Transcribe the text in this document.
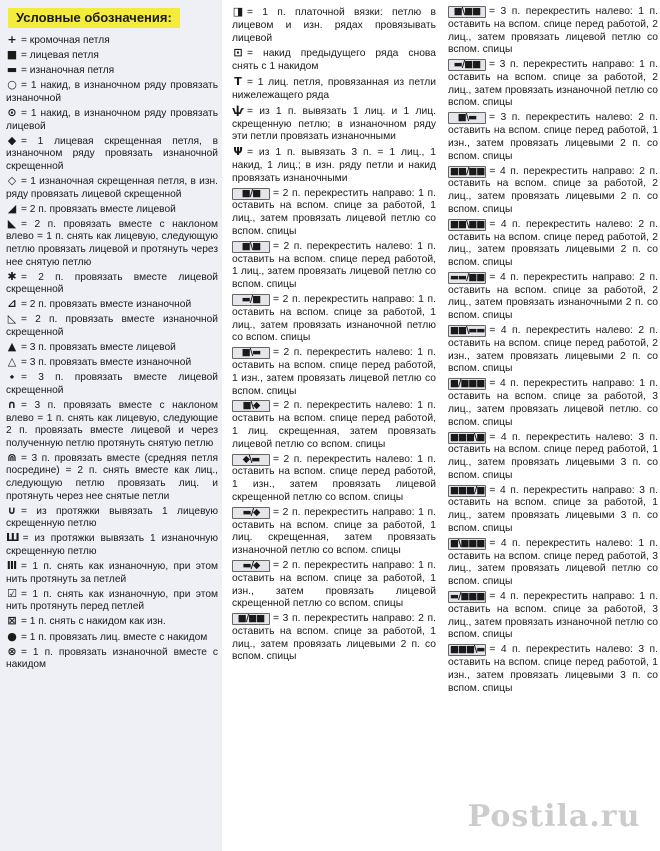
Условные обозначения:
+ = кромочная петля
■ = лицевая петля
▬ = изнаночная петля
○ = 1 накид, в изнаночном ряду провязать изнаночной
⊙ = 1 накид, в изнаночном ряду провязать лицевой
◆ = 1 лицевая скрещенная петля, в изнаночном ряду провязать изнаночной скрещенной
◇ = 1 изнаночная скрещенная петля, в изн. ряду провязать лицевой скрещенной
◢ = 2 п. провязать вместе лицевой
◣ = 2 п. провязать вместе с наклоном влево = 1 п. снять как лицевую, следующую петлю провязать лицевой и протянуть через нее снятую петлю
✱ = 2 п. провязать вместе лицевой скрещенной
⊿ = 2 п. провязать вместе изнаночной
◺ = 2 п. провязать вместе изнаночной скрещенной
▲ = 3 п. провязать вместе лицевой
△ = 3 п. провязать вместе изнаночной
⬩ = 3 п. провязать вместе лицевой скрещенной
∩ = 3 п. провязать вместе с наклоном влево = 1 п. снять как лицевую, следующие 2 п. провязать вместе лицевой и через полученную петлю протянуть снятую петлю
⋒ = 3 п. провязать вместе (средняя петля посредине) = 2 п. снять вместе как лиц., следующую петлю провязать лиц. и протянуть через нее снятые петли
∪ = из протяжки вывязать 1 лицевую скрещенную петлю
Ш = из протяжки вывязать 1 изнаночную скрещенную петлю
Ⅲ = 1 п. снять как изнаночную, при этом нить протянуть за петлей
☑ = 1 п. снять как изнаночную, при этом нить протянуть перед петлей
⊠ = 1 п. снять с накидом как изн.
● = 1 п. провязать лиц. вместе с накидом
⊗ = 1 п. провязать изнаночной вместе с накидом
◨ = 1 п. платочной вязки: петлю в лицевом и изн. рядах провязывать лицевой
⊡ = накид предыдущего ряда снова снять с 1 накидом
T = 1 лиц. петля, провязанная из петли нижележащего ряда
ѱ = из 1 п. вывязать 1 лиц. и 1 лиц. скрещенную петлю; в изнаночном ряду эти петли провязать изнаночными
Ψ = из 1 п. вывязать 3 п. = 1 лиц., 1 накид, 1 лиц.; в изн. ряду петли и накид провязать изнаночными
■/■ = 2 п. перекрестить направо: 1 п. оставить на вспом. спице за работой, 1 лиц., затем провязать лицевой петлю со вспом. спицы
■\■ = 2 п. перекрестить налево: 1 п. оставить на вспом. спице перед работой, 1 лиц., затем провязать лицевой петлю со вспом. спицы
▬/■ = 2 п. перекрестить направо: 1 п. оставить на вспом. спице за работой, 1 лиц., затем провязать изнаночной петлю со вспом. спицы
■\▬ = 2 п. перекрестить налево: 1 п. оставить на вспом. спице перед работой, 1 изн., затем провязать лицевой петлю со вспом. спицы
■\◆ = 2 п. перекрестить налево: 1 п. оставить на вспом. спице перед работой, 1 лиц. скрещенная, затем провязать лицевой петлю со вспом. спицы
◆\▬ = 2 п. перекрестить налево: 1 п. оставить на вспом. спице перед работой, 1 изн., затем провязать лицевой скрещенной петлю со вспом. спицы
▬/◆ = 2 п. перекрестить направо: 1 п. оставить на вспом. спице за работой, 1 лиц. скрещенная, затем провязать изнаночной петлю со вспом. спицы
▬/◆ = 2 п. перекрестить направо: 1 п. оставить на вспом. спице за работой, 1 изн., затем провязать лицевой скрещенной петлю со вспом. спицы
■/■■ = 3 п. перекрестить направо: 2 п. оставить на вспом. спице за работой, 1 лиц., затем провязать лицевыми 2 п. со вспом. спицы
■\■■ = 3 п. перекрестить налево: 1 п. оставить на вспом. спице перед работой, 2 лиц., затем провязать лицевой петлю со вспом. спицы
▬/■■ = 3 п. перекрестить направо: 1 п. оставить на вспом. спице за работой, 2 лиц., затем провязать изнаночной петлю со вспом. спицы
■\▬ = 3 п. перекрестить налево: 2 п. оставить на вспом. спице перед работой, 1 изн., затем провязать лицевыми 2 п. со вспом. спицы
■■/■■ = 4 п. перекрестить направо: 2 п. оставить на вспом. спице за работой, 2 лиц., затем провязать лицевыми 2 п. со вспом. спицы
■■\■■ = 4 п. перекрестить налево: 2 п. оставить на вспом. спице перед работой, 2 лиц., затем провязать лицевыми 2 п. со вспом. спицы
▬▬/■■ = 4 п. перекрестить направо: 2 п. оставить на вспом. спице за работой, 2 лиц., затем провязать изнаночными 2 п. со вспом. спицы
■■\▬▬ = 4 п. перекрестить налево: 2 п. оставить на вспом. спице перед работой, 2 изн., затем провязать лицевыми 2 п. со вспом. спицы
■/■■■ = 4 п. перекрестить направо: 1 п. оставить на вспом. спице за работой, 3 лиц., затем провязать лицевой петлю. со вспом. спицы
■■■\■ = 4 п. перекрестить налево: 3 п. оставить на вспом. спице перед работой, 1 лиц., затем провязать лицевыми 3 п. со вспом. спицы
■■■/■ = 4 п. перекрестить направо: 3 п. оставить на вспом. спице за работой, 1 лиц., затем провязать лицевыми 3 п. со вспом. спицы
■\■■■ = 4 п. перекрестить налево: 1 п. оставить на вспом. спице перед работой, 3 лиц., затем провязать лицевой петлю со вспом. спицы
▬/■■■ = 4 п. перекрестить направо: 1 п. оставить на вспом. спице за работой, 3 лиц., затем провязать изнаночной петлю со вспом. спицы
■■■\▬ = 4 п. перекрестить налево: 3 п. оставить на вспом. спице перед работой, 1 изн., затем провязать лицевыми 3 п. со вспом. спицы
Postila.ru
